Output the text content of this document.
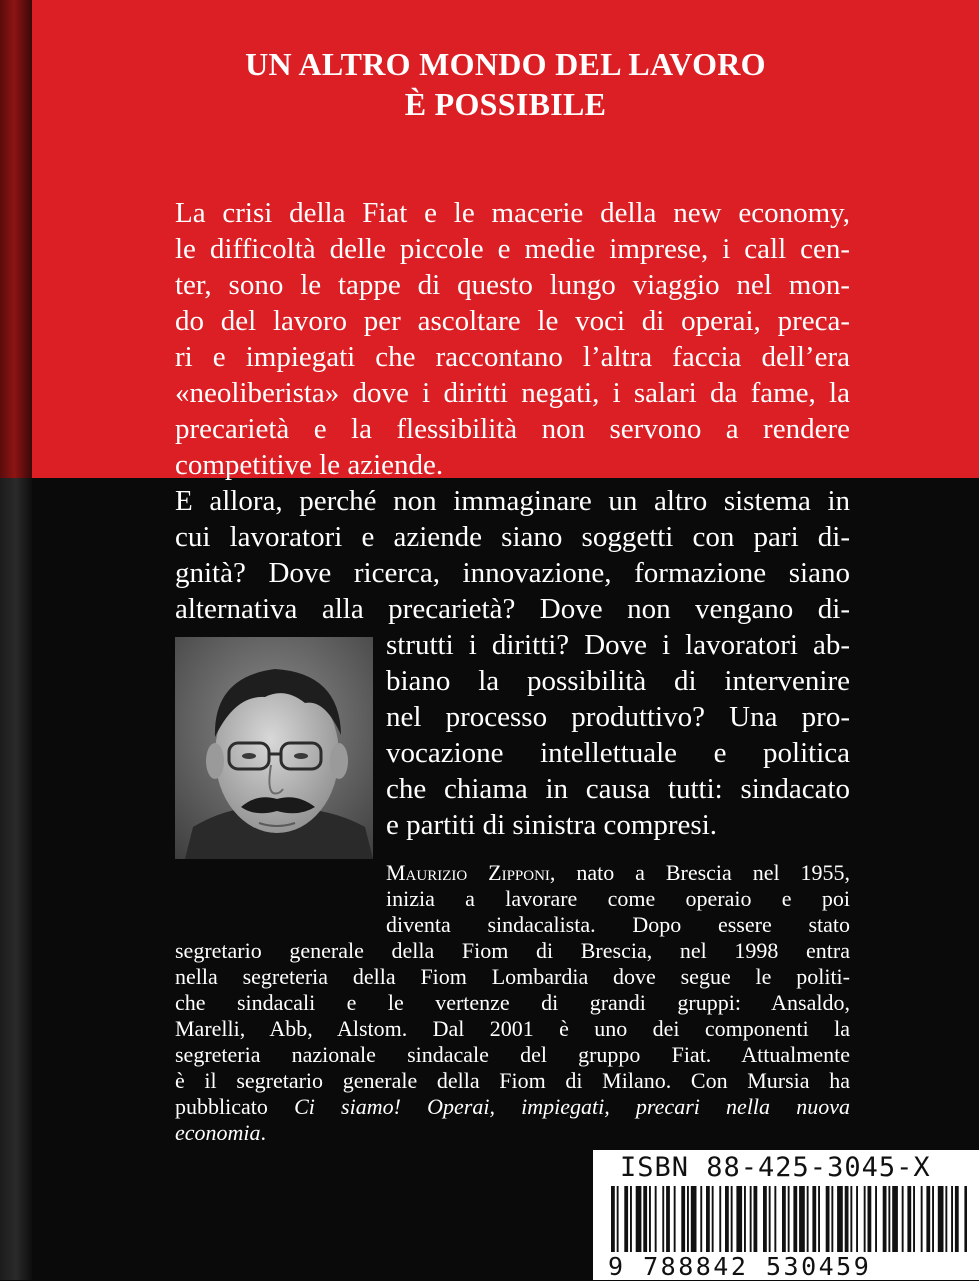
UN ALTRO MONDO DEL LAVORO
È POSSIBILE

La crisi della Fiat e le macerie della new economy,

le difficoltà delle piccole e medie imprese, i call cen-

ter, sono le tappe di questo lungo viaggio nel mon-

do del lavoro per ascoltare le voci di operai, preca-

ri e impiegati che raccontano l’altra faccia dell’era

«neoliberista» dove i diritti negati, i salari da fame, la

precarietà e la flessibilità non servono a rendere

competitive le aziende.

E allora, perché non immaginare un altro sistema in

cui lavoratori e aziende siano soggetti con pari di-

gnità? Dove ricerca, innovazione, formazione siano

alternativa alla precarietà? Dove non vengano di-

strutti i diritti? Dove i lavoratori ab-

biano la possibilità di intervenire

nel processo produttivo? Una pro-

vocazione intellettuale e politica

che chiama in causa tutti: sindacato

e partiti di sinistra compresi.

Maurizio Zipponi, nato a Brescia nel 1955,

inizia a lavorare come operaio e poi

diventa sindacalista. Dopo essere stato

segretario generale della Fiom di Brescia, nel 1998 entra

nella segreteria della Fiom Lombardia dove segue le politi-

che sindacali e le vertenze di grandi gruppi: Ansaldo,

Marelli, Abb, Alstom. Dal 2001 è uno dei componenti la

segreteria nazionale sindacale del gruppo Fiat. Attualmente

è il segretario generale della Fiom di Milano. Con Mursia ha

pubblicato Ci siamo! Operai, impiegati, precari nella nuova

economia.

ISBN 88-425-3045-X

9 788842 530459
